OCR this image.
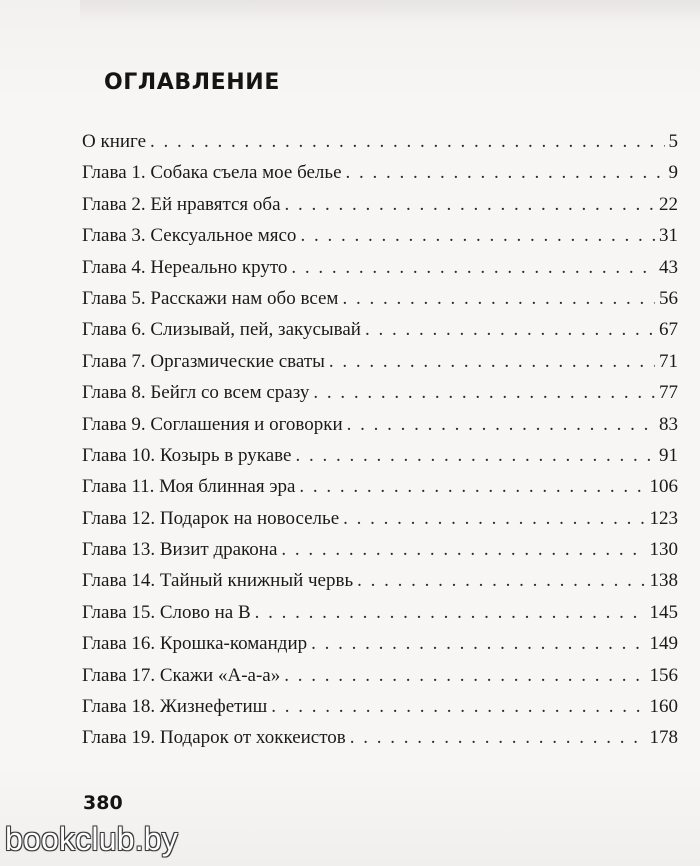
ОГЛАВЛЕНИЕ
О книге . . .	5
Глава 1. Собака съела мое белье . . .	9
Глава 2. Ей нравятся оба . . .	22
Глава 3. Сексуальное мясо . . .	31
Глава 4. Нереально круто . . .	43
Глава 5. Расскажи нам обо всем . . .	56
Глава 6. Слизывай, пей, закусывай . . .	67
Глава 7. Оргазмические сваты . . .	71
Глава 8. Бейгл со всем сразу . . .	77
Глава 9. Соглашения и оговорки . . .	83
Глава 10. Козырь в рукаве . . .	91
Глава 11. Моя блинная эра . . .	106
Глава 12. Подарок на новоселье . . .	123
Глава 13. Визит дракона . . .	130
Глава 14. Тайный книжный червь . . .	138
Глава 15. Слово на В . . .	145
Глава 16. Крошка-командир . . .	149
Глава 17. Скажи «А-а-а» . . .	156
Глава 18. Жизнефетиш . . .	160
Глава 19. Подарок от хоккеистов . . .	178
380
bookclub.by
